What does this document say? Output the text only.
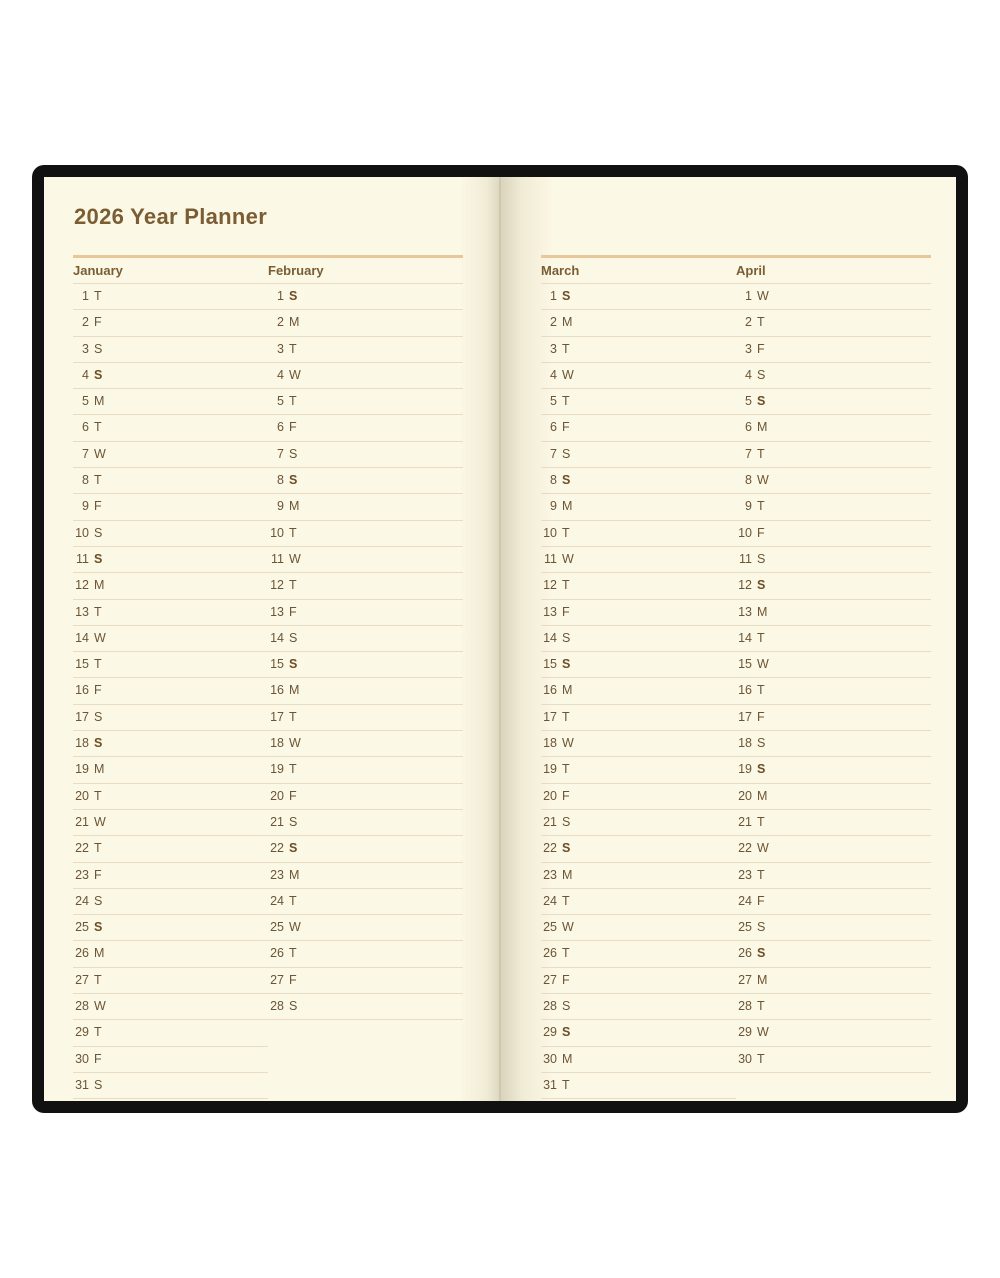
2026 Year Planner
January
1 T
2 F
3 S
4 S
5 M
6 T
7 W
8 T
9 F
10 S
11 S
12 M
13 T
14 W
15 T
16 F
17 S
18 S
19 M
20 T
21 W
22 T
23 F
24 S
25 S
26 M
27 T
28 W
29 T
30 F
31 S
February
1 S
2 M
3 T
4 W
5 T
6 F
7 S
8 S
9 M
10 T
11 W
12 T
13 F
14 S
15 S
16 M
17 T
18 W
19 T
20 F
21 S
22 S
23 M
24 T
25 W
26 T
27 F
28 S
March
1 S
2 M
3 T
4 W
5 T
6 F
7 S
8 S
9 M
10 T
11 W
12 T
13 F
14 S
15 S
16 M
17 T
18 W
19 T
20 F
21 S
22 S
23 M
24 T
25 W
26 T
27 F
28 S
29 S
30 M
31 T
April
1 W
2 T
3 F
4 S
5 S
6 M
7 T
8 W
9 T
10 F
11 S
12 S
13 M
14 T
15 W
16 T
17 F
18 S
19 S
20 M
21 T
22 W
23 T
24 F
25 S
26 S
27 M
28 T
29 W
30 T
